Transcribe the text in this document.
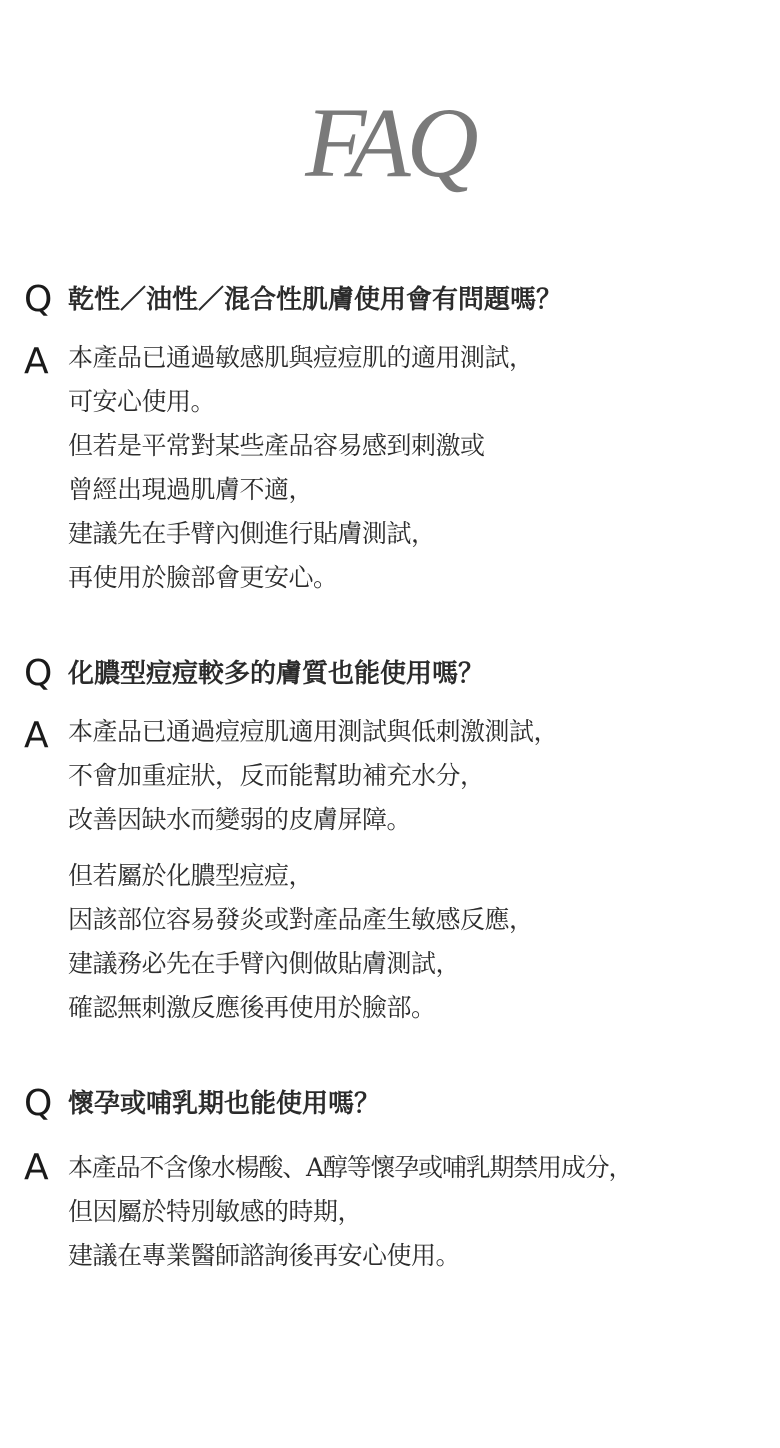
FAQ
Q 乾性／油性／混合性肌膚使用會有問題嗎？
A 本產品已通過敏感肌與痘痘肌的適用測試，
可安心使用。
但若是平常對某些產品容易感到刺激或
曾經出現過肌膚不適，
建議先在手臂內側進行貼膚測試，
再使用於臉部會更安心。
Q 化膿型痘痘較多的膚質也能使用嗎？
A 本產品已通過痘痘肌適用測試與低刺激測試，
不會加重症狀，反而能幫助補充水分，
改善因缺水而變弱的皮膚屏障。
但若屬於化膿型痘痘，
因該部位容易發炎或對產品產生敏感反應，
建議務必先在手臂內側做貼膚測試，
確認無刺激反應後再使用於臉部。
Q 懷孕或哺乳期也能使用嗎？
A 本產品不含像水楊酸、A醇等懷孕或哺乳期禁用成分，
但因屬於特別敏感的時期，
建議在專業醫師諮詢後再安心使用。
